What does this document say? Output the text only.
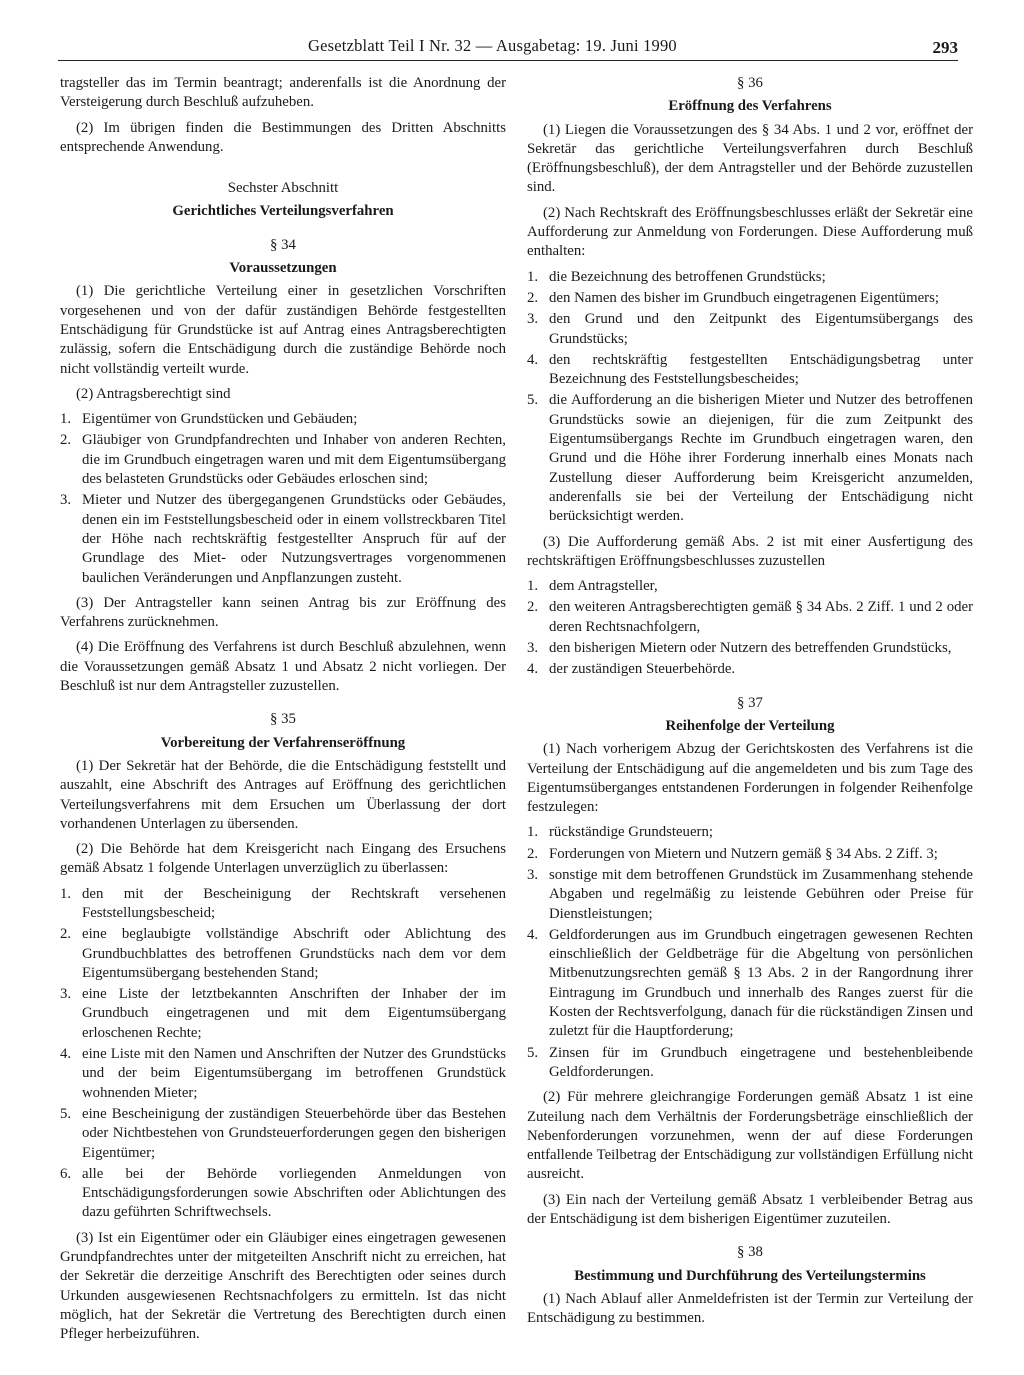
Gesetzblatt Teil I Nr. 32 — Ausgabetag: 19. Juni 1990	293

tragsteller das im Termin beantragt; anderenfalls ist die Anordnung der Versteigerung durch Beschluß aufzuheben.

(2) Im übrigen finden die Bestimmungen des Dritten Abschnitts entsprechende Anwendung.

Sechster Abschnitt
Gerichtliches Verteilungsverfahren
§ 34
Voraussetzungen

(1) Die gerichtliche Verteilung einer in gesetzlichen Vorschriften vorgesehenen und von der dafür zuständigen Behörde festgestellten Entschädigung für Grundstücke ist auf Antrag eines Antragsberechtigten zulässig, sofern die Entschädigung durch die zuständige Behörde noch nicht vollständig verteilt wurde.

(2) Antragsberechtigt sind

1. Eigentümer von Grundstücken und Gebäuden;
2. Gläubiger von Grundpfandrechten und Inhaber von anderen Rechten, die im Grundbuch eingetragen waren und mit dem Eigentumsübergang des belasteten Grundstücks oder Gebäudes erloschen sind;
3. Mieter und Nutzer des übergegangenen Grundstücks oder Gebäudes, denen ein im Feststellungsbescheid oder in einem vollstreckbaren Titel der Höhe nach rechtskräftig festgestellter Anspruch für auf der Grundlage des Miet- oder Nutzungsvertrages vorgenommenen baulichen Veränderungen und Anpflanzungen zusteht.

(3) Der Antragsteller kann seinen Antrag bis zur Eröffnung des Verfahrens zurücknehmen.

(4) Die Eröffnung des Verfahrens ist durch Beschluß abzulehnen, wenn die Voraussetzungen gemäß Absatz 1 und Absatz 2 nicht vorliegen. Der Beschluß ist nur dem Antragsteller zuzustellen.

§ 35
Vorbereitung der Verfahrenseröffnung

(1) Der Sekretär hat der Behörde, die die Entschädigung feststellt und auszahlt, eine Abschrift des Antrages auf Eröffnung des gerichtlichen Verteilungsverfahrens mit dem Ersuchen um Überlassung der dort vorhandenen Unterlagen zu übersenden.

(2) Die Behörde hat dem Kreisgericht nach Eingang des Ersuchens gemäß Absatz 1 folgende Unterlagen unverzüglich zu überlassen:

1. den mit der Bescheinigung der Rechtskraft versehenen Feststellungsbescheid;
2. eine beglaubigte vollständige Abschrift oder Ablichtung des Grundbuchblattes des betroffenen Grundstücks nach dem vor dem Eigentumsübergang bestehenden Stand;
3. eine Liste der letztbekannten Anschriften der Inhaber der im Grundbuch eingetragenen und mit dem Eigentumsübergang erloschenen Rechte;
4. eine Liste mit den Namen und Anschriften der Nutzer des Grundstücks und der beim Eigentumsübergang im betroffenen Grundstück wohnenden Mieter;
5. eine Bescheinigung der zuständigen Steuerbehörde über das Bestehen oder Nichtbestehen von Grundsteuerforderungen gegen den bisherigen Eigentümer;
6. alle bei der Behörde vorliegenden Anmeldungen von Entschädigungsforderungen sowie Abschriften oder Ablichtungen des dazu geführten Schriftwechsels.

(3) Ist ein Eigentümer oder ein Gläubiger eines eingetragen gewesenen Grundpfandrechtes unter der mitgeteilten Anschrift nicht zu erreichen, hat der Sekretär die derzeitige Anschrift des Berechtigten oder seines durch Urkunden ausgewiesenen Rechtsnachfolgers zu ermitteln. Ist das nicht möglich, hat der Sekretär die Vertretung des Berechtigten durch einen Pfleger herbeizuführen.

§ 36
Eröffnung des Verfahrens

(1) Liegen die Voraussetzungen des § 34 Abs. 1 und 2 vor, eröffnet der Sekretär das gerichtliche Verteilungsverfahren durch Beschluß (Eröffnungsbeschluß), der dem Antragsteller und der Behörde zuzustellen sind.

(2) Nach Rechtskraft des Eröffnungsbeschlusses erläßt der Sekretär eine Aufforderung zur Anmeldung von Forderungen. Diese Aufforderung muß enthalten:

1. die Bezeichnung des betroffenen Grundstücks;
2. den Namen des bisher im Grundbuch eingetragenen Eigentümers;
3. den Grund und den Zeitpunkt des Eigentumsübergangs des Grundstücks;
4. den rechtskräftig festgestellten Entschädigungsbetrag unter Bezeichnung des Feststellungsbescheides;
5. die Aufforderung an die bisherigen Mieter und Nutzer des betroffenen Grundstücks sowie an diejenigen, für die zum Zeitpunkt des Eigentumsübergangs Rechte im Grundbuch eingetragen waren, den Grund und die Höhe ihrer Forderung innerhalb eines Monats nach Zustellung dieser Aufforderung beim Kreisgericht anzumelden, anderenfalls sie bei der Verteilung der Entschädigung nicht berücksichtigt werden.

(3) Die Aufforderung gemäß Abs. 2 ist mit einer Ausfertigung des rechtskräftigen Eröffnungsbeschlusses zuzustellen

1. dem Antragsteller,
2. den weiteren Antragsberechtigten gemäß § 34 Abs. 2 Ziff. 1 und 2 oder deren Rechtsnachfolgern,
3. den bisherigen Mietern oder Nutzern des betreffenden Grundstücks,
4. der zuständigen Steuerbehörde.
§ 37
Reihenfolge der Verteilung

(1) Nach vorherigem Abzug der Gerichtskosten des Verfahrens ist die Verteilung der Entschädigung auf die angemeldeten und bis zum Tage des Eigentumsüberganges entstandenen Forderungen in folgender Reihenfolge festzulegen:

1. rückständige Grundsteuern;
2. Forderungen von Mietern und Nutzern gemäß § 34 Abs. 2 Ziff. 3;
3. sonstige mit dem betroffenen Grundstück im Zusammenhang stehende Abgaben und regelmäßig zu leistende Gebühren oder Preise für Dienstleistungen;
4. Geldforderungen aus im Grundbuch eingetragen gewesenen Rechten einschließlich der Geldbeträge für die Abgeltung von persönlichen Mitbenutzungsrechten gemäß § 13 Abs. 2 in der Rangordnung ihrer Eintragung im Grundbuch und innerhalb des Ranges zuerst für die Kosten der Rechtsverfolgung, danach für die rückständigen Zinsen und zuletzt für die Hauptforderung;
5. Zinsen für im Grundbuch eingetragene und bestehenbleibende Geldforderungen.

(2) Für mehrere gleichrangige Forderungen gemäß Absatz 1 ist eine Zuteilung nach dem Verhältnis der Forderungsbeträge einschließlich der Nebenforderungen vorzunehmen, wenn der auf diese Forderungen entfallende Teilbetrag der Entschädigung zur vollständigen Erfüllung nicht ausreicht.

(3) Ein nach der Verteilung gemäß Absatz 1 verbleibender Betrag aus der Entschädigung ist dem bisherigen Eigentümer zuzuteilen.

§ 38
Bestimmung und Durchführung des Verteilungstermins

(1) Nach Ablauf aller Anmeldefristen ist der Termin zur Verteilung der Entschädigung zu bestimmen.
